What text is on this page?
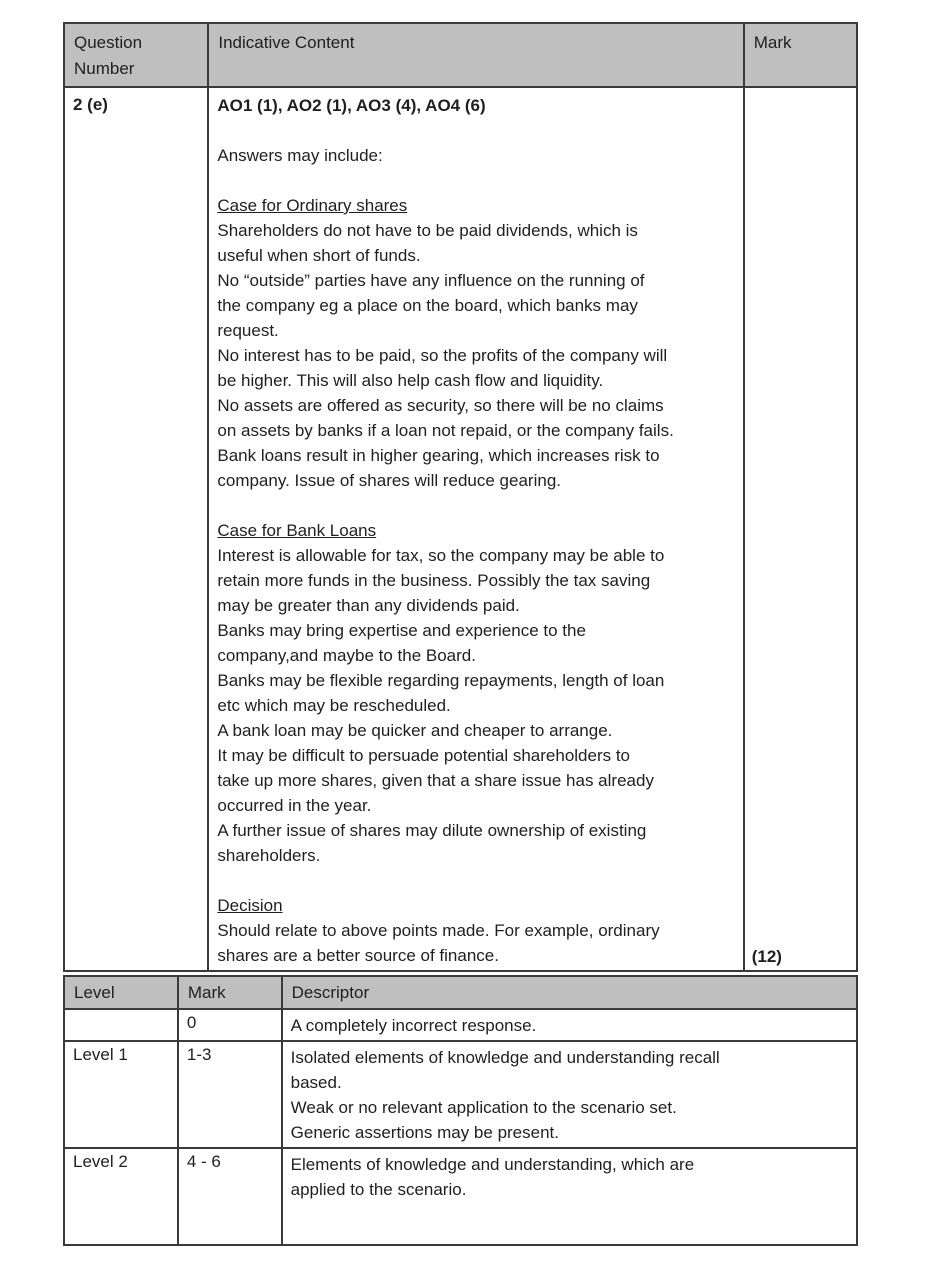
Question Number	Indicative Content	Mark
2 (e)	AO1 (1), AO2 (1), AO3 (4), AO4 (6)

Answers may include:

Case for Ordinary shares
Shareholders do not have to be paid dividends, which is
useful when short of funds.
No “outside” parties have any influence on the running of
the company eg a place on the board, which banks may
request.
No interest has to be paid, so the profits of the company will
be higher. This will also help cash flow and liquidity.
No assets are offered as security, so there will be no claims
on assets by banks if a loan not repaid, or the company fails.
Bank loans result in higher gearing, which increases risk to
company. Issue of shares will reduce gearing.

Case for Bank Loans
Interest is allowable for tax, so the company may be able to
retain more funds in the business. Possibly the tax saving
may be greater than any dividends paid.
Banks may bring expertise and experience to the
company,and maybe to the Board.
Banks may be flexible regarding repayments, length of loan
etc which may be rescheduled.
A bank loan may be quicker and cheaper to arrange.
It may be difficult to persuade potential shareholders to
take up more shares, given that a share issue has already
occurred in the year.
A further issue of shares may dilute ownership of existing
shareholders.

Decision
Should relate to above points made. For example, ordinary
shares are a better source of finance.	(12)
Level	Mark	Descriptor
	0	A completely incorrect response.

Level 1	1-3	Isolated elements of knowledge and understanding recall
based.
Weak or no relevant application to the scenario set.
Generic assertions may be present.

Level 2	4 - 6	Elements of knowledge and understanding, which are
applied to the scenario.
